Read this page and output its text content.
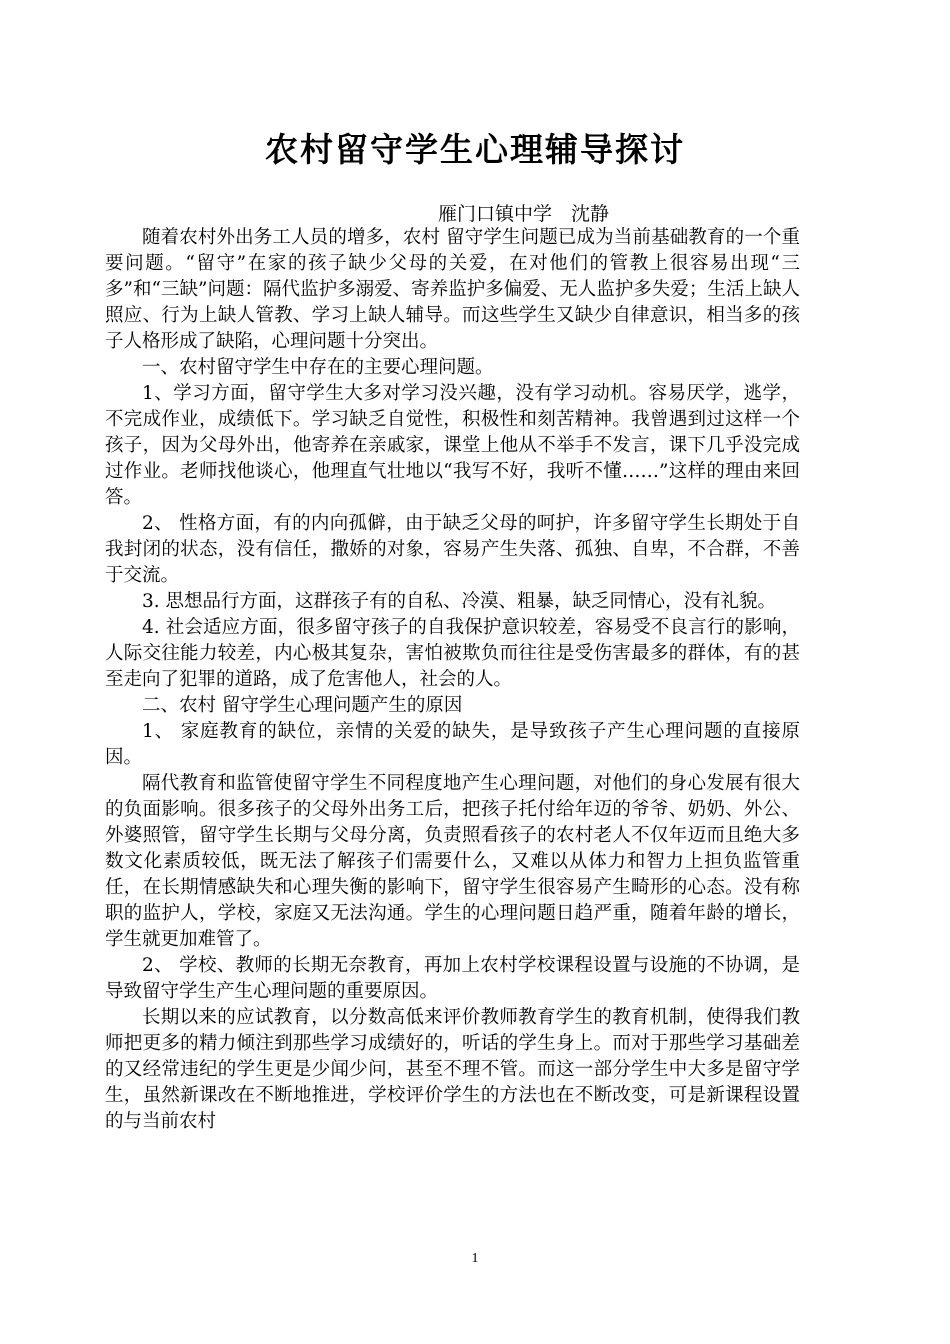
农村留守学生心理辅导探讨

雁门口镇中学　沈静

随着农村外出务工人员的增多，农村 留守学生问题已成为当前基础教育的一个重要问题。“留守”在家的孩子缺少父母的关爱，在对他们的管教上很容易出现“三多”和“三缺”问题：隔代监护多溺爱、寄养监护多偏爱、无人监护多失爱；生活上缺人照应、行为上缺人管教、学习上缺人辅导。而这些学生又缺少自律意识，相当多的孩子人格形成了缺陷，心理问题十分突出。

一、农村留守学生中存在的主要心理问题。

1、学习方面，留守学生大多对学习没兴趣，没有学习动机。容易厌学，逃学，不完成作业，成绩低下。学习缺乏自觉性，积极性和刻苦精神。我曾遇到过这样一个孩子，因为父母外出，他寄养在亲戚家，课堂上他从不举手不发言，课下几乎没完成过作业。老师找他谈心，他理直气壮地以“我写不好，我听不懂……”这样的理由来回答。

2、 性格方面，有的内向孤僻，由于缺乏父母的呵护，许多留守学生长期处于自我封闭的状态，没有信任，撒娇的对象，容易产生失落、孤独、自卑，不合群，不善于交流。

3. 思想品行方面，这群孩子有的自私、冷漠、粗暴，缺乏同情心，没有礼貌。

4. 社会适应方面，很多留守孩子的自我保护意识较差，容易受不良言行的影响，人际交往能力较差，内心极其复杂，害怕被欺负而往往是受伤害最多的群体，有的甚至走向了犯罪的道路，成了危害他人，社会的人。

二、农村 留守学生心理问题产生的原因

1、 家庭教育的缺位，亲情的关爱的缺失，是导致孩子产生心理问题的直接原因。

隔代教育和监管使留守学生不同程度地产生心理问题，对他们的身心发展有很大的负面影响。很多孩子的父母外出务工后，把孩子托付给年迈的爷爷、奶奶、外公、外婆照管，留守学生长期与父母分离，负责照看孩子的农村老人不仅年迈而且绝大多数文化素质较低，既无法了解孩子们需要什么，又难以从体力和智力上担负监管重任，在长期情感缺失和心理失衡的影响下，留守学生很容易产生畸形的心态。没有称职的监护人，学校，家庭又无法沟通。学生的心理问题日趋严重，随着年龄的增长，学生就更加难管了。

2、 学校、教师的长期无奈教育，再加上农村学校课程设置与设施的不协调，是导致留守学生产生心理问题的重要原因。

长期以来的应试教育，以分数高低来评价教师教育学生的教育机制，使得我们教师把更多的精力倾注到那些学习成绩好的，听话的学生身上。而对于那些学习基础差的又经常违纪的学生更是少闻少问，甚至不理不管。而这一部分学生中大多是留守学生，虽然新课改在不断地推进，学校评价学生的方法也在不断改变，可是新课程设置的与当前农村

1
